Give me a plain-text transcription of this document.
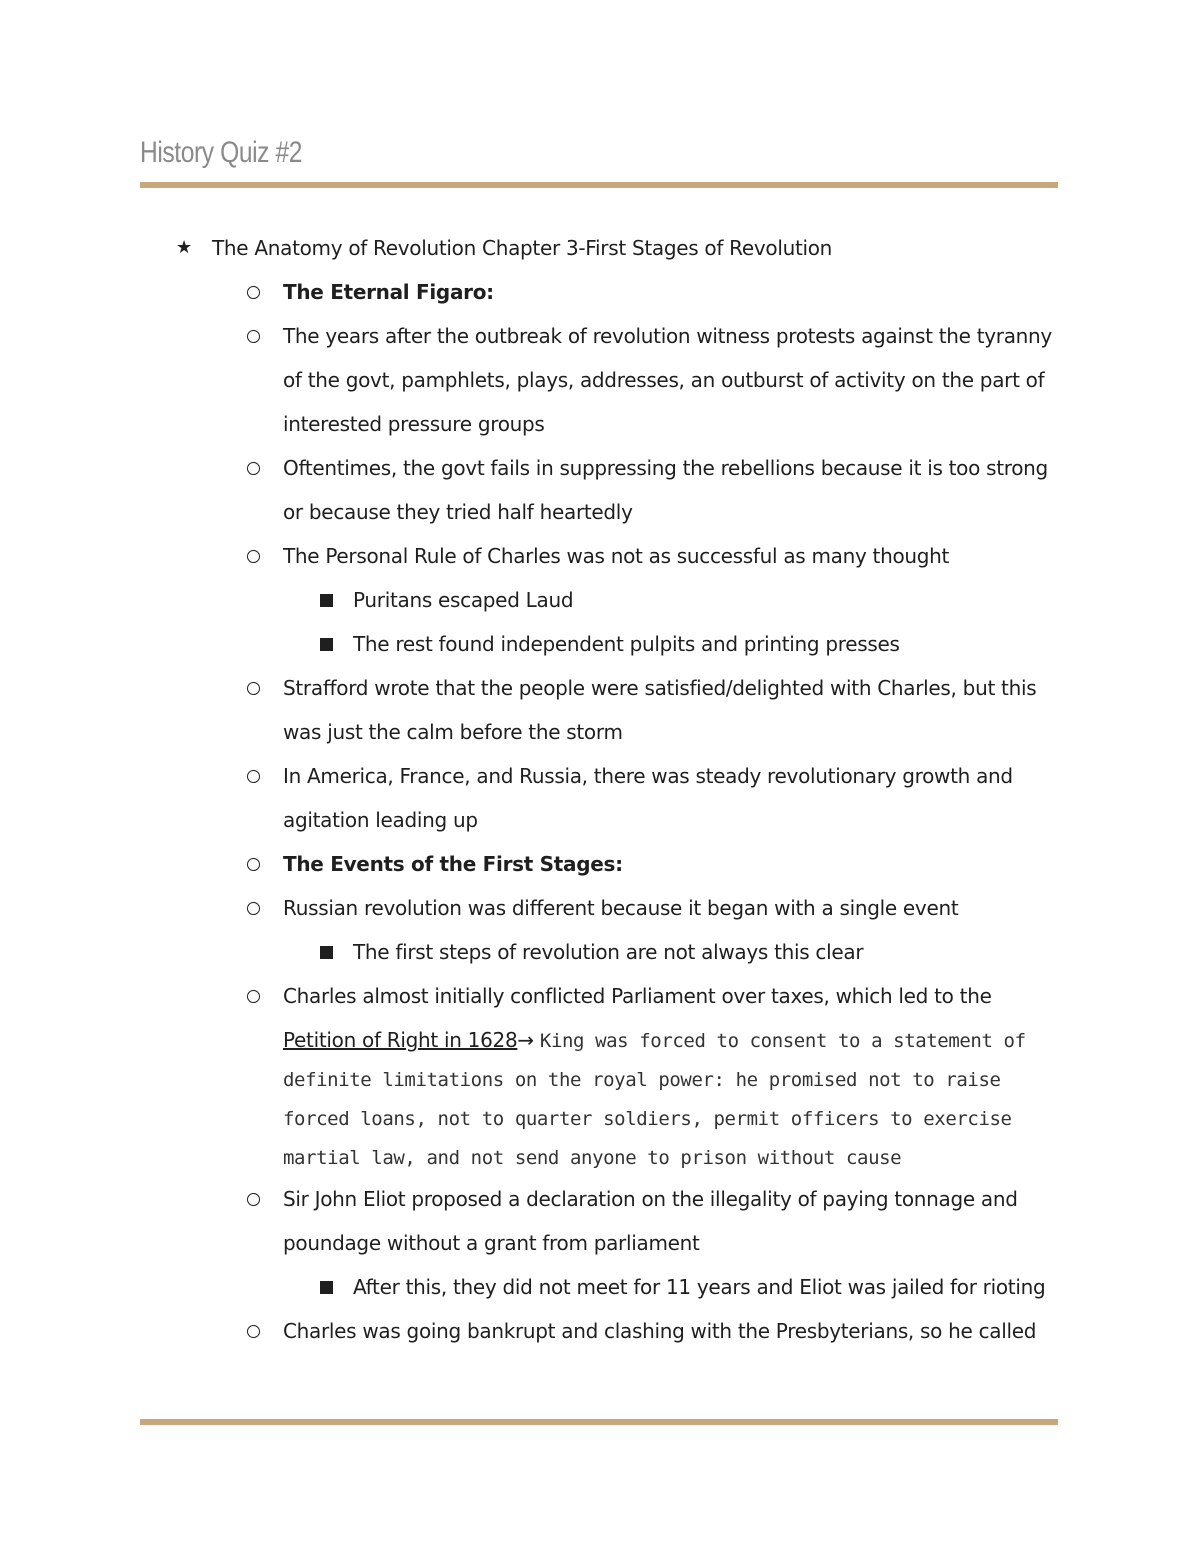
History Quiz #2
★ The Anatomy of Revolution Chapter 3-First Stages of Revolution
The Eternal Figaro:
The years after the outbreak of revolution witness protests against the tyranny of the govt, pamphlets, plays, addresses, an outburst of activity on the part of interested pressure groups
Oftentimes, the govt fails in suppressing the rebellions because it is too strong or because they tried half heartedly
The Personal Rule of Charles was not as successful as many thought
Puritans escaped Laud
The rest found independent pulpits and printing presses
Strafford wrote that the people were satisfied/delighted with Charles, but this was just the calm before the storm
In America, France, and Russia, there was steady revolutionary growth and agitation leading up
The Events of the First Stages:
Russian revolution was different because it began with a single event
The first steps of revolution are not always this clear
Charles almost initially conflicted Parliament over taxes, which led to the
Petition of Right in 1628→ King was forced to consent to a statement of definite limitations on the royal power: he promised not to raise forced loans, not to quarter soldiers, permit officers to exercise martial law, and not send anyone to prison without cause
Sir John Eliot proposed a declaration on the illegality of paying tonnage and poundage without a grant from parliament
After this, they did not meet for 11 years and Eliot was jailed for rioting
Charles was going bankrupt and clashing with the Presbyterians, so he called
